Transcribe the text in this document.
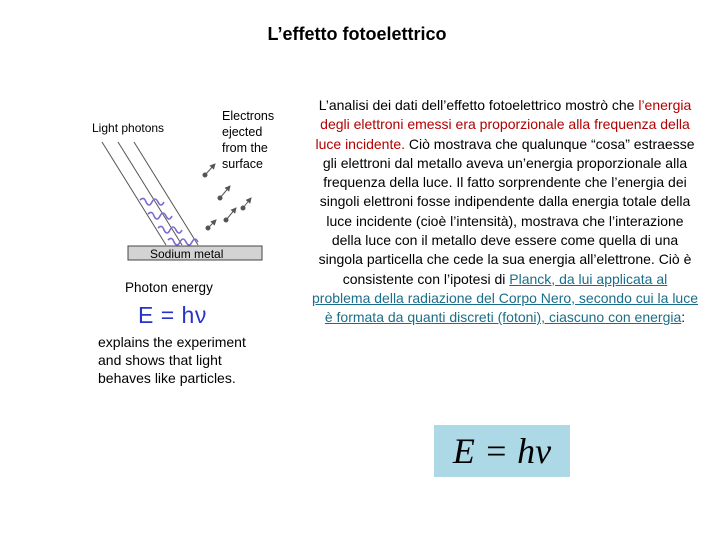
L’effetto fotoelettrico
Light photons
Electrons
ejected
from the
surface
Sodium metal
Photon energy
E = hν
explains the experiment
and shows that light
behaves like particles.
L’analisi dei dati dell’effetto fotoelettrico mostrò che l’energia degli elettroni emessi era proporzionale alla frequenza della luce incidente. Ciò mostrava che qualunque “cosa” estraesse gli elettroni dal metallo aveva un’energia proporzionale alla frequenza della luce. Il fatto sorprendente che l’energia dei singoli elettroni fosse indipendente dalla energia totale della luce incidente (cioè l’intensità), mostrava che l’interazione della luce con il metallo deve essere come quella di una singola particella che cede la sua energia all’elettrone. Ciò è consistente con l’ipotesi di Planck, da lui applicata al problema della radiazione del Corpo Nero, secondo cui la luce è formata da quanti discreti (fotoni), ciascuno con energia:
E = hv
